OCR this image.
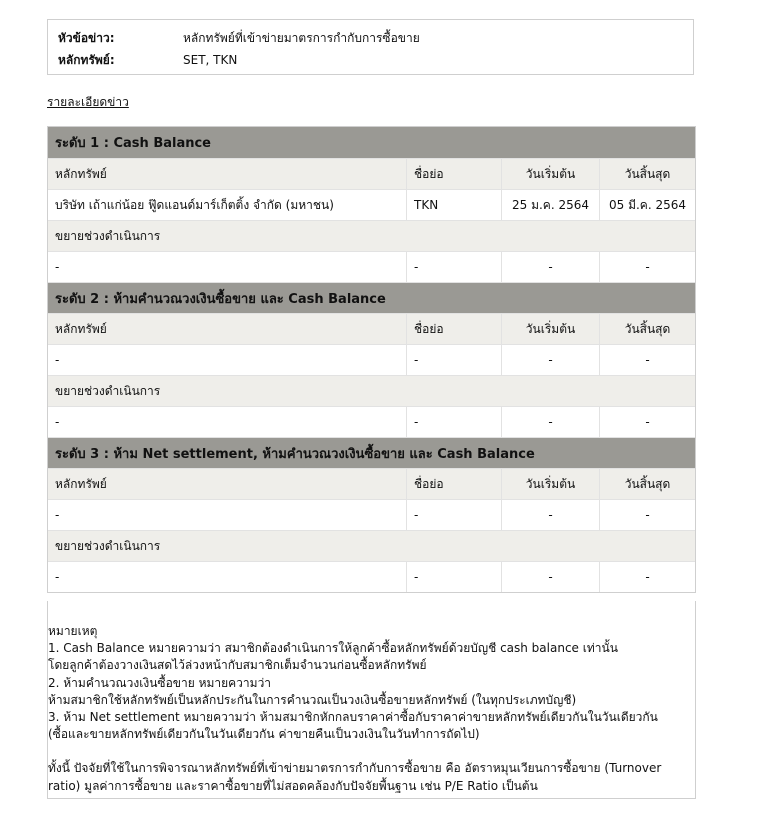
หัวข้อข่าว:	หลักทรัพย์ที่เข้าข่ายมาตรการกำกับการซื้อขาย
หลักทรัพย์:	SET, TKN
รายละเอียดข่าว
ระดับ 1 : Cash Balance
หลักทรัพย์	ชื่อย่อ	วันเริ่มต้น	วันสิ้นสุด
บริษัท เถ้าแก่น้อย ฟู๊ดแอนด์มาร์เก็ตติ้ง จำกัด (มหาชน)	TKN	25 ม.ค. 2564	05 มี.ค. 2564
ขยายช่วงดำเนินการ
-	-	-	-
ระดับ 2 : ห้ามคำนวณวงเงินซื้อขาย และ Cash Balance
หลักทรัพย์	ชื่อย่อ	วันเริ่มต้น	วันสิ้นสุด
-	-	-	-
ขยายช่วงดำเนินการ
-	-	-	-
ระดับ 3 : ห้าม Net settlement, ห้ามคำนวณวงเงินซื้อขาย และ Cash Balance
หลักทรัพย์	ชื่อย่อ	วันเริ่มต้น	วันสิ้นสุด
-	-	-	-
ขยายช่วงดำเนินการ
-	-	-	-

หมายเหตุ

1. Cash Balance หมายความว่า สมาชิกต้องดำเนินการให้ลูกค้าซื้อหลักทรัพย์ด้วยบัญชี cash balance เท่านั้น

โดยลูกค้าต้องวางเงินสดไว้ล่วงหน้ากับสมาชิกเต็มจำนวนก่อนซื้อหลักทรัพย์

2. ห้ามคำนวณวงเงินซื้อขาย หมายความว่า

ห้ามสมาชิกใช้หลักทรัพย์เป็นหลักประกันในการคำนวณเป็นวงเงินซื้อขายหลักทรัพย์ (ในทุกประเภทบัญชี)

3. ห้าม Net settlement หมายความว่า ห้ามสมาชิกหักกลบราคาค่าซื้อกับราคาค่าขายหลักทรัพย์เดียวกันในวันเดียวกัน

(ซื้อและขายหลักทรัพย์เดียวกันในวันเดียวกัน ค่าขายคืนเป็นวงเงินในวันทำการถัดไป)

ทั้งนี้ ปัจจัยที่ใช้ในการพิจารณาหลักทรัพย์ที่เข้าข่ายมาตรการกำกับการซื้อขาย คือ อัตราหมุนเวียนการซื้อขาย (Turnover

ratio) มูลค่าการซื้อขาย และราคาซื้อขายที่ไม่สอดคล้องกับปัจจัยพื้นฐาน เช่น P/E Ratio เป็นต้น
